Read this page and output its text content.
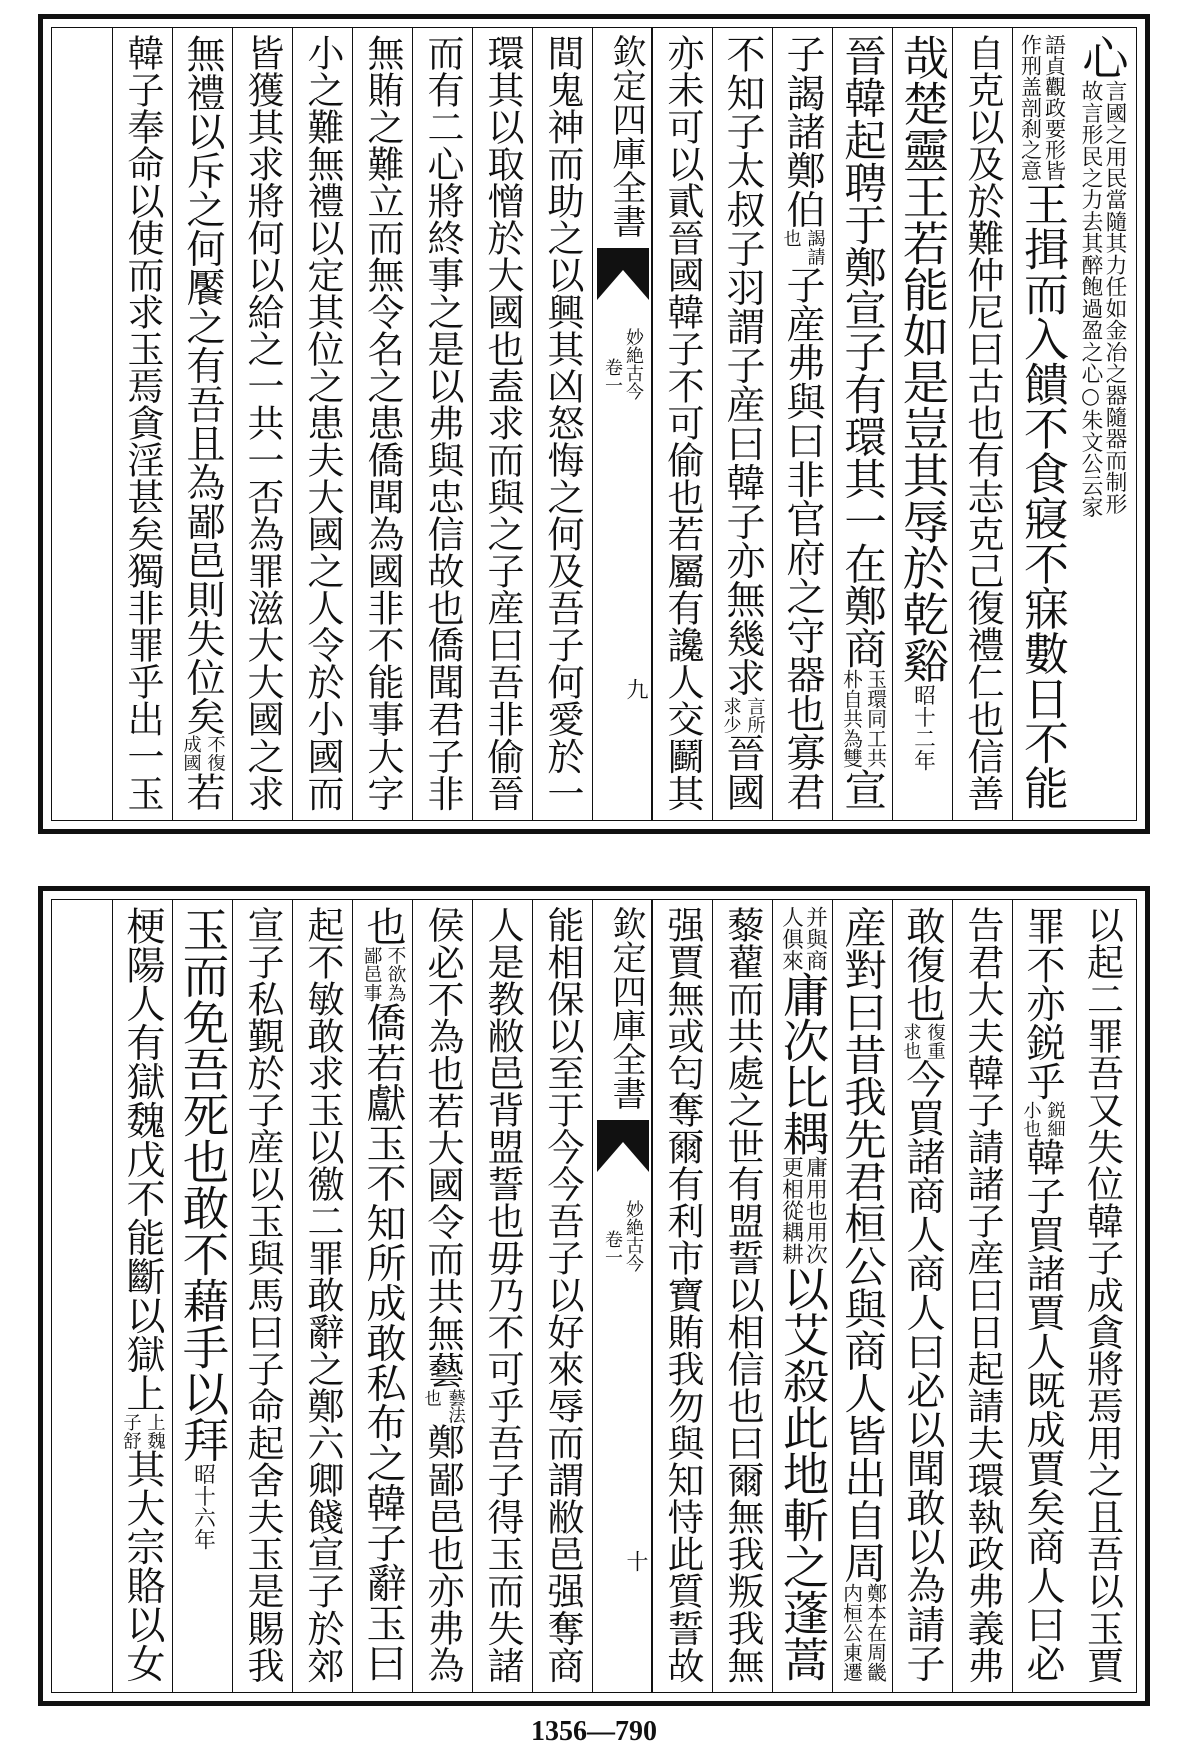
心
言國之用民當隨其力任如金冶之器隨器而制形
故言形民之力去其醉飽過盈之心○朱文公云家
語貞觀政要形皆
作刑盖剖刹之意
王揖而入饋不食寢不寐數日不能
自克以及於難仲尼曰古也有志克己復禮仁也信善
哉楚靈王若能如是豈其辱於乾谿
昭十二年
晉韓起聘于鄭宣子有環其一在鄭商
玉環同工共
朴自共為雙
宣
子謁諸鄭伯
謁請
也
子産弗與曰非官府之守器也寡君
不知子太叔子羽謂子産曰韓子亦無幾求
言所
求少
晉國
亦未可以貳晉國韓子不可偷也若屬有讒人交鬬其
欽定四庫全書
妙絶古今
卷一
九
間鬼神而助之以興其凶怒悔之何及吾子何愛於一
環其以取憎於大國也盍求而與之子産曰吾非偷晉
而有二心將終事之是以弗與忠信故也僑聞君子非
無賄之難立而無令名之患僑聞為國非不能事大字
小之難無禮以定其位之患夫大國之人令於小國而
皆獲其求將何以給之一共一否為罪滋大大國之求
無禮以斥之何饜之有吾且為鄙邑則失位矣
不復
成國
若
韓子奉命以使而求玉焉貪淫甚矣獨非罪乎出一玉
以起二罪吾又失位韓子成貪將焉用之且吾以玉賈
罪不亦鋭乎
鋭細
小也
韓子買諸賈人既成賈矣商人曰必
告君大夫韓子請諸子産曰日起請夫環執政弗義弗
敢復也
復重
求也
今買諸商人商人曰必以聞敢以為請子
産對曰昔我先君桓公與商人皆出自周
鄭本在周畿
内桓公東遷
并與商
人俱來
庸次比耦
庸用也用次
更相從耦耕
以艾殺此地斬之蓬蒿
藜藋而共處之世有盟誓以相信也曰爾無我叛我無
强賈無或匄奪爾有利市寶賄我勿與知恃此質誓故
欽定四庫全書
妙絶古今
卷一
十
能相保以至于今今吾子以好來辱而謂敝邑强奪商
人是教敝邑背盟誓也毋乃不可乎吾子得玉而失諸
侯必不為也若大國令而共無藝
藝法
也
鄭鄙邑也亦弗為
也
不欲為
鄙邑事
僑若獻玉不知所成敢私布之韓子辭玉曰
起不敏敢求玉以徼二罪敢辭之鄭六卿餞宣子於郊
宣子私覲於子産以玉與馬曰子命起舍夫玉是賜我
玉而免吾死也敢不藉手以拜
昭十六年
梗陽人有獄魏戊不能斷以獄上
上魏
子舒
其大宗賂以女
1356—790
